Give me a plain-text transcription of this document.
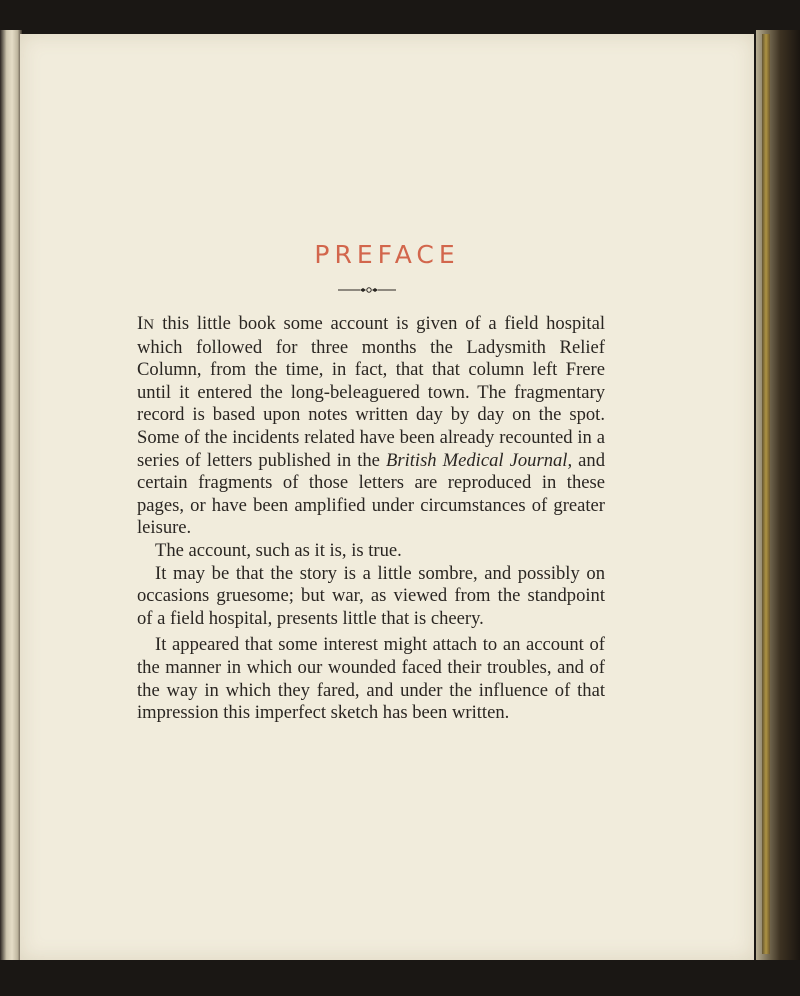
PREFACE

IN this little book some account is given of a field hospital which followed for three months the Ladysmith Relief Column, from the time, in fact, that that column left Frere until it entered the long-beleaguered town. The fragmentary record is based upon notes written day by day on the spot. Some of the incidents related have been already recounted in a series of letters published in the British Medical Journal, and certain fragments of those letters are reproduced in these pages, or have been amplified under circumstances of greater leisure.

The account, such as it is, is true.

It may be that the story is a little sombre, and possibly on occasions gruesome; but war, as viewed from the standpoint of a field hospital, presents little that is cheery.

It appeared that some interest might attach to an account of the manner in which our wounded faced their troubles, and of the way in which they fared, and under the influence of that impression this imperfect sketch has been written.
